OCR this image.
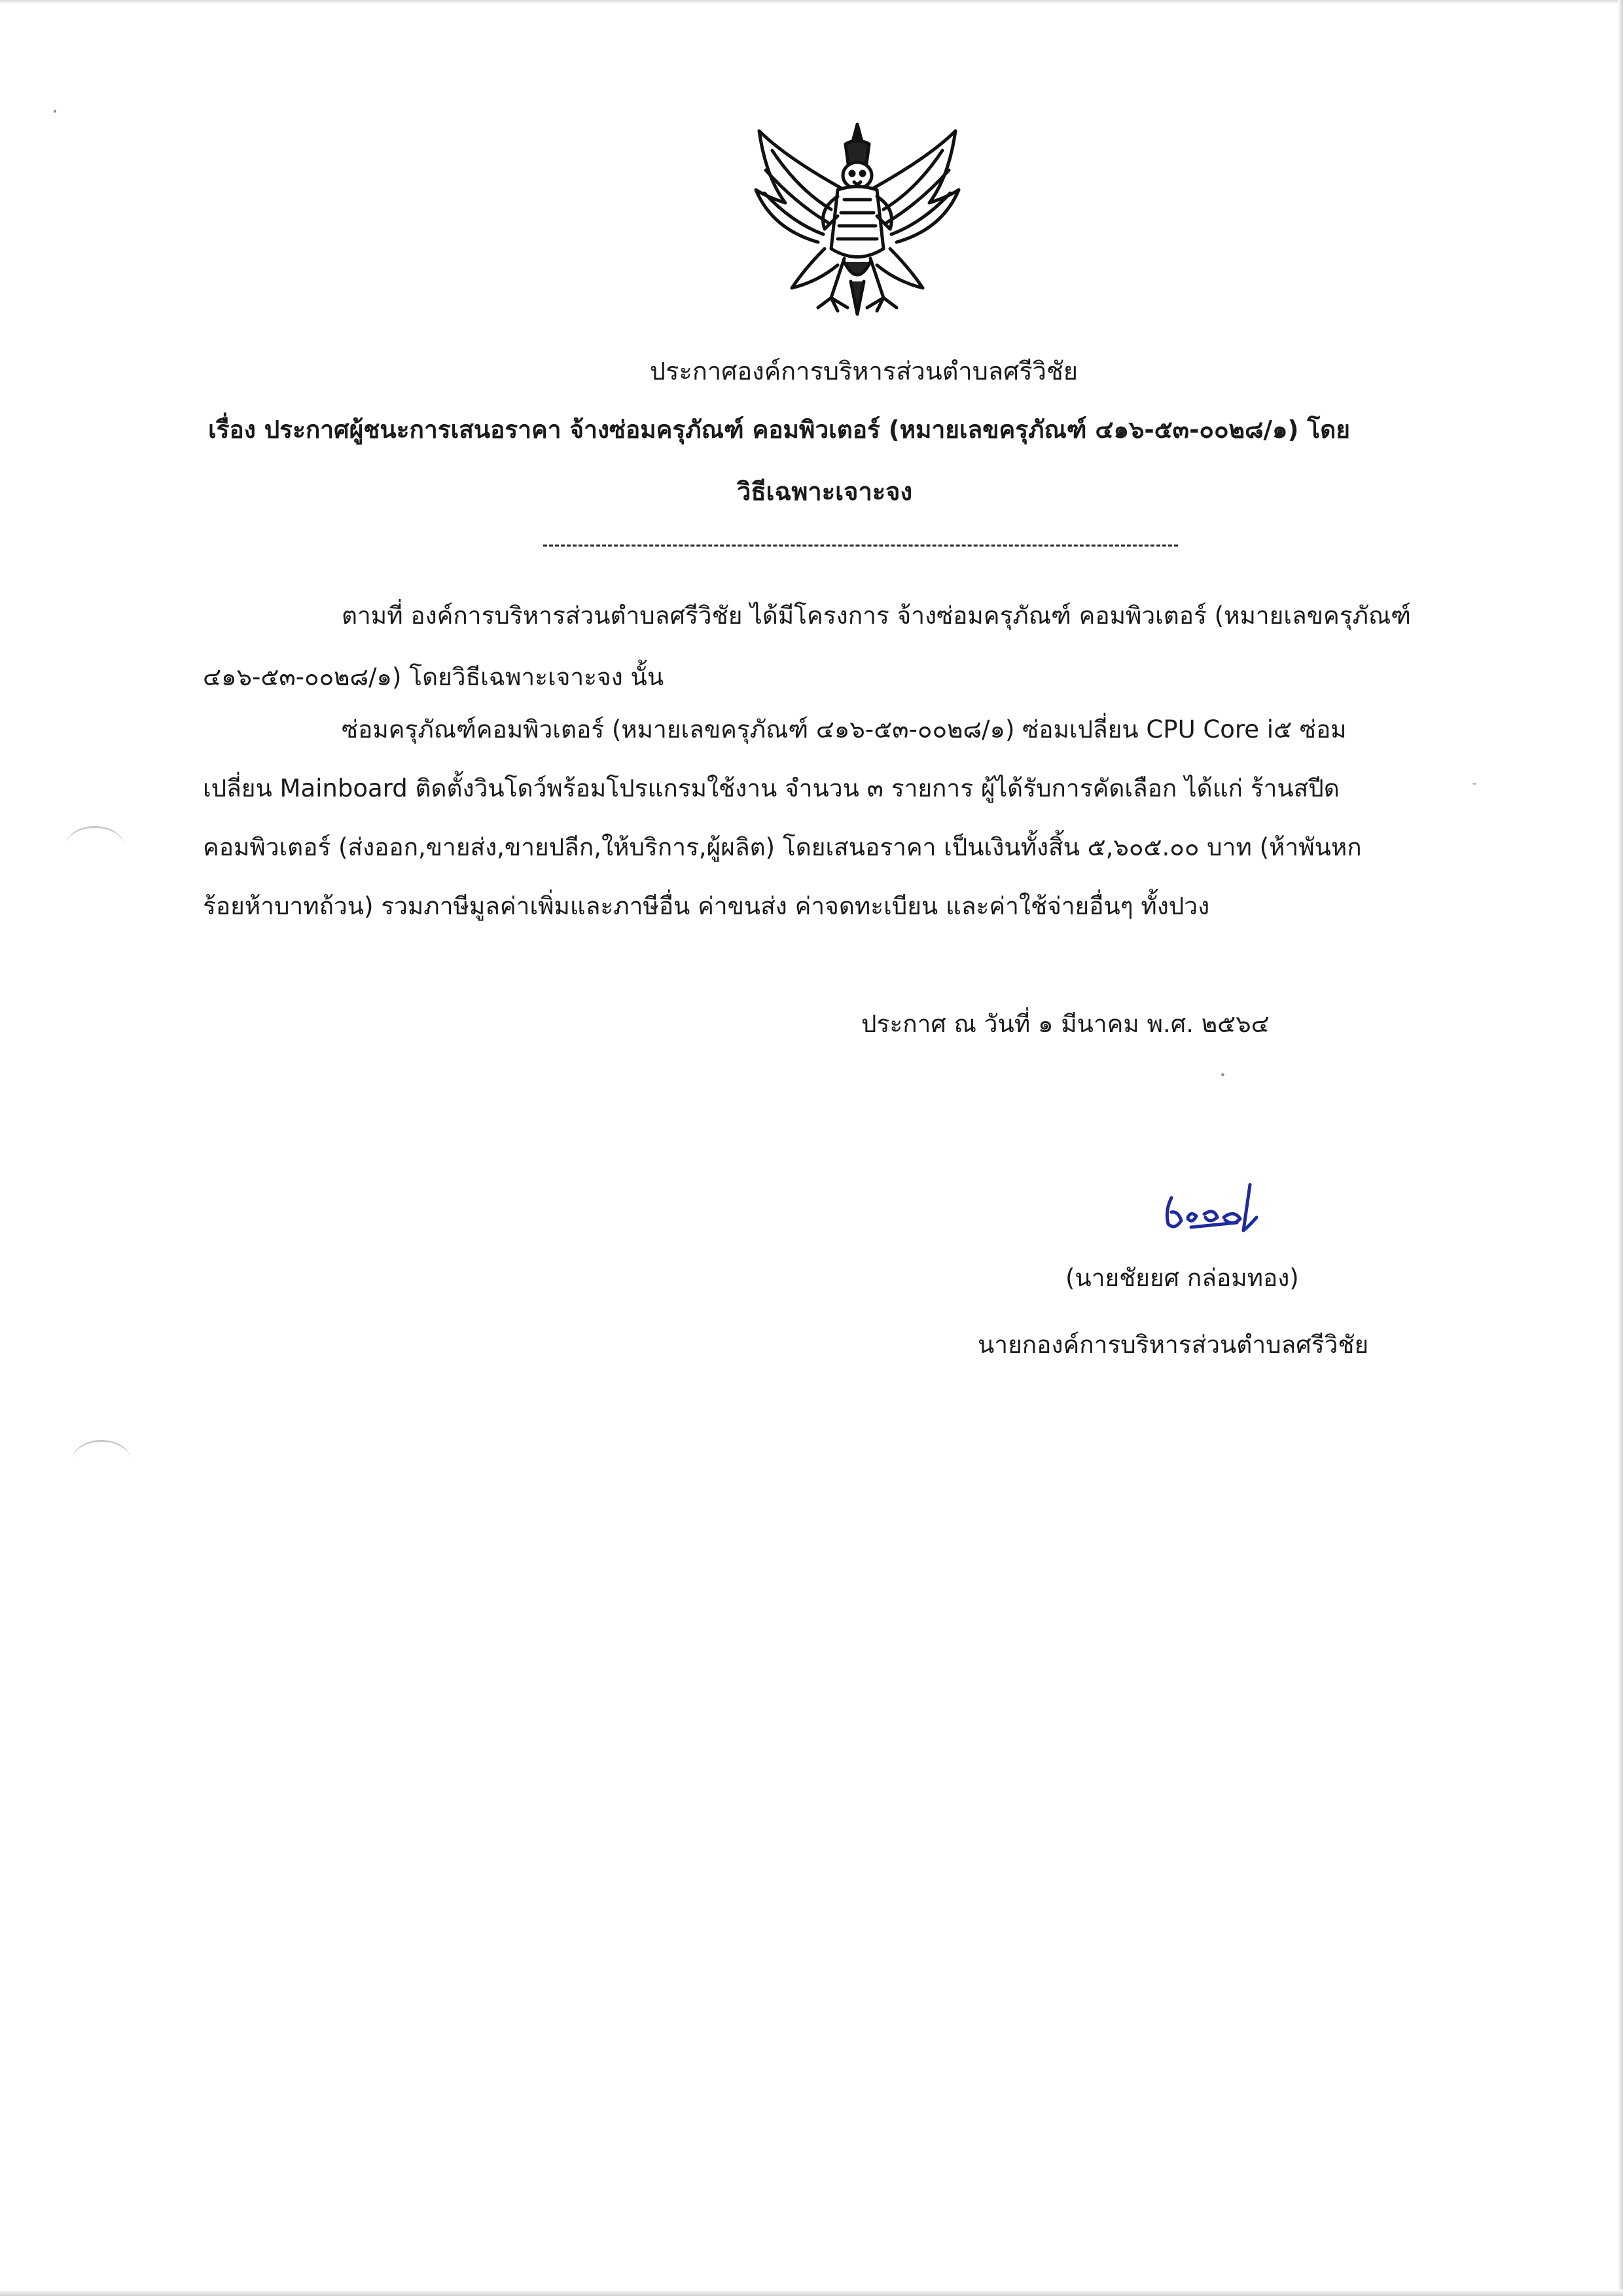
ประกาศองค์การบริหารส่วนตำบลศรีวิชัย
เรื่อง ประกาศผู้ชนะการเสนอราคา จ้างซ่อมครุภัณฑ์ คอมพิวเตอร์ (หมายเลขครุภัณฑ์ ๔๑๖-๕๓-๐๐๒๘/๑) โดย
วิธีเฉพาะเจาะจง
ตามที่ องค์การบริหารส่วนตำบลศรีวิชัย ได้มีโครงการ จ้างซ่อมครุภัณฑ์ คอมพิวเตอร์ (หมายเลขครุภัณฑ์
๔๑๖-๕๓-๐๐๒๘/๑) โดยวิธีเฉพาะเจาะจง นั้น
ซ่อมครุภัณฑ์คอมพิวเตอร์ (หมายเลขครุภัณฑ์ ๔๑๖-๕๓-๐๐๒๘/๑) ซ่อมเปลี่ยน CPU Core i๕ ซ่อม
เปลี่ยน Mainboard ติดตั้งวินโดว์พร้อมโปรแกรมใช้งาน จำนวน ๓ รายการ ผู้ได้รับการคัดเลือก ได้แก่ ร้านสปีด
คอมพิวเตอร์ (ส่งออก,ขายส่ง,ขายปลีก,ให้บริการ,ผู้ผลิต) โดยเสนอราคา เป็นเงินทั้งสิ้น ๕,๖๐๕.๐๐ บาท (ห้าพันหก
ร้อยห้าบาทถ้วน) รวมภาษีมูลค่าเพิ่มและภาษีอื่น ค่าขนส่ง ค่าจดทะเบียน และค่าใช้จ่ายอื่นๆ ทั้งปวง
ประกาศ ณ วันที่ ๑ มีนาคม พ.ศ. ๒๕๖๔
(นายชัยยศ กล่อมทอง)
นายกองค์การบริหารส่วนตำบลศรีวิชัย
